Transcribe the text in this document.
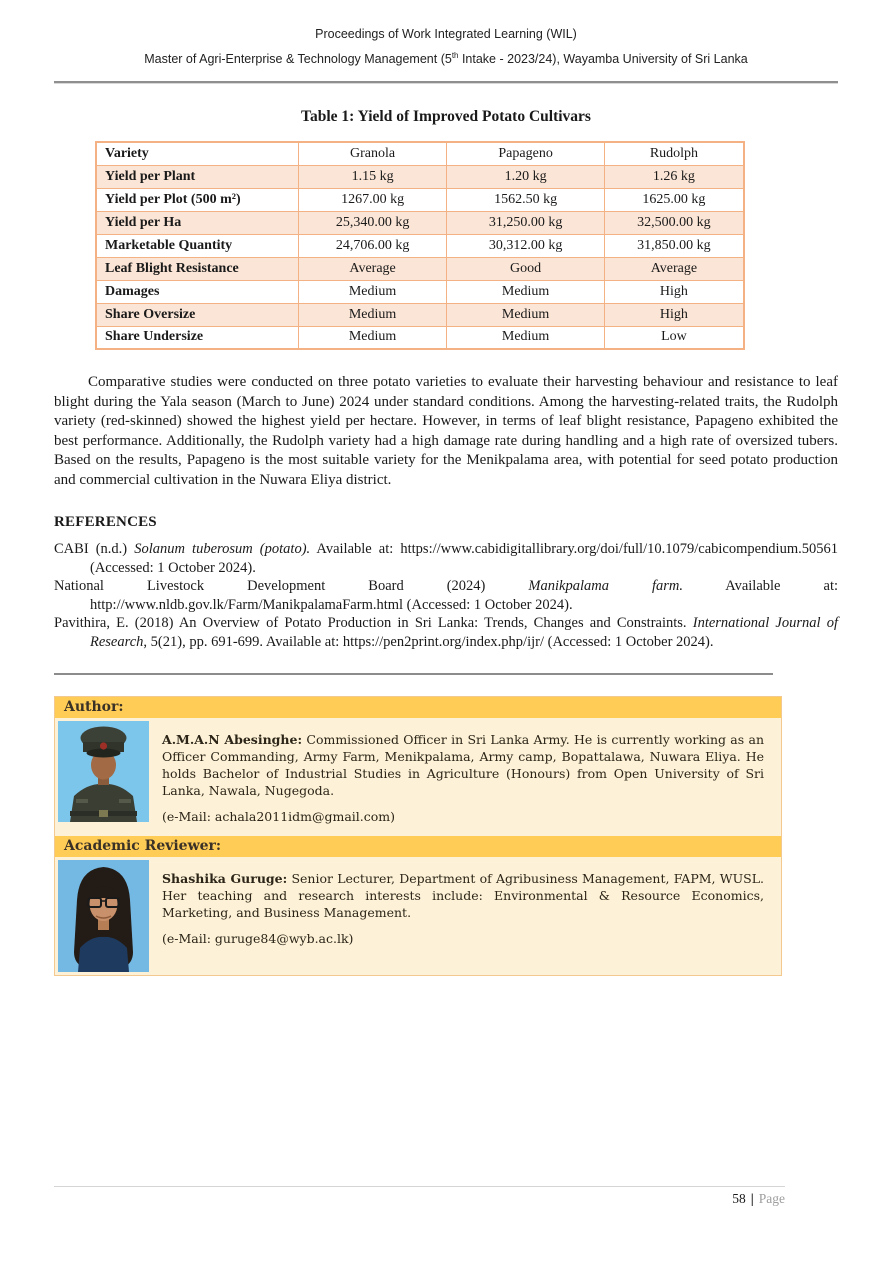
Proceedings of Work Integrated Learning (WIL)
Master of Agri-Enterprise & Technology Management (5th Intake - 2023/24), Wayamba University of Sri Lanka
Table 1: Yield of Improved Potato Cultivars
Variety	Granola	Papageno	Rudolph
Yield per Plant	1.15 kg	1.20 kg	1.26 kg
Yield per Plot (500 m²)	1267.00 kg	1562.50 kg	1625.00 kg
Yield per Ha	25,340.00 kg	31,250.00 kg	32,500.00 kg
Marketable Quantity	24,706.00 kg	30,312.00 kg	31,850.00 kg
Leaf Blight Resistance	Average	Good	Average
Damages	Medium	Medium	High
Share Oversize	Medium	Medium	High
Share Undersize	Medium	Medium	Low

Comparative studies were conducted on three potato varieties to evaluate their harvesting behaviour and resistance to leaf blight during the Yala season (March to June) 2024 under standard conditions. Among the harvesting-related traits, the Rudolph variety (red-skinned) showed the highest yield per hectare. However, in terms of leaf blight resistance, Papageno exhibited the best performance. Additionally, the Rudolph variety had a high damage rate during handling and a high rate of oversized tubers. Based on the results, Papageno is the most suitable variety for the Menikpalama area, with potential for seed potato production and commercial cultivation in the Nuwara Eliya district.

REFERENCES

CABI (n.d.) Solanum tuberosum (potato). Available at: https://www.cabidigitallibrary.org/doi/full/10.1079/cabicompendium.50561 (Accessed: 1 October 2024).

National Livestock Development Board (2024) Manikpalama farm. Available at: http://www.nldb.gov.lk/Farm/ManikpalamaFarm.html (Accessed: 1 October 2024).

Pavithira, E. (2018) An Overview of Potato Production in Sri Lanka: Trends, Changes and Constraints. International Journal of Research, 5(21), pp. 691-699. Available at: https://pen2print.org/index.php/ijr/ (Accessed: 1 October 2024).

Author:

A.M.A.N Abesinghe: Commissioned Officer in Sri Lanka Army. He is currently working as an Officer Commanding, Army Farm, Menikpalama, Army camp, Bopattalawa, Nuwara Eliya. He holds Bachelor of Industrial Studies in Agriculture (Honours) from Open University of Sri Lanka, Nawala, Nugegoda.

(e-Mail: achala2011idm@gmail.com)

Academic Reviewer:

Shashika Guruge: Senior Lecturer, Department of Agribusiness Management, FAPM, WUSL. Her teaching and research interests include: Environmental & Resource Economics, Marketing, and Business Management.

(e-Mail: guruge84@wyb.ac.lk)

58 | Page
